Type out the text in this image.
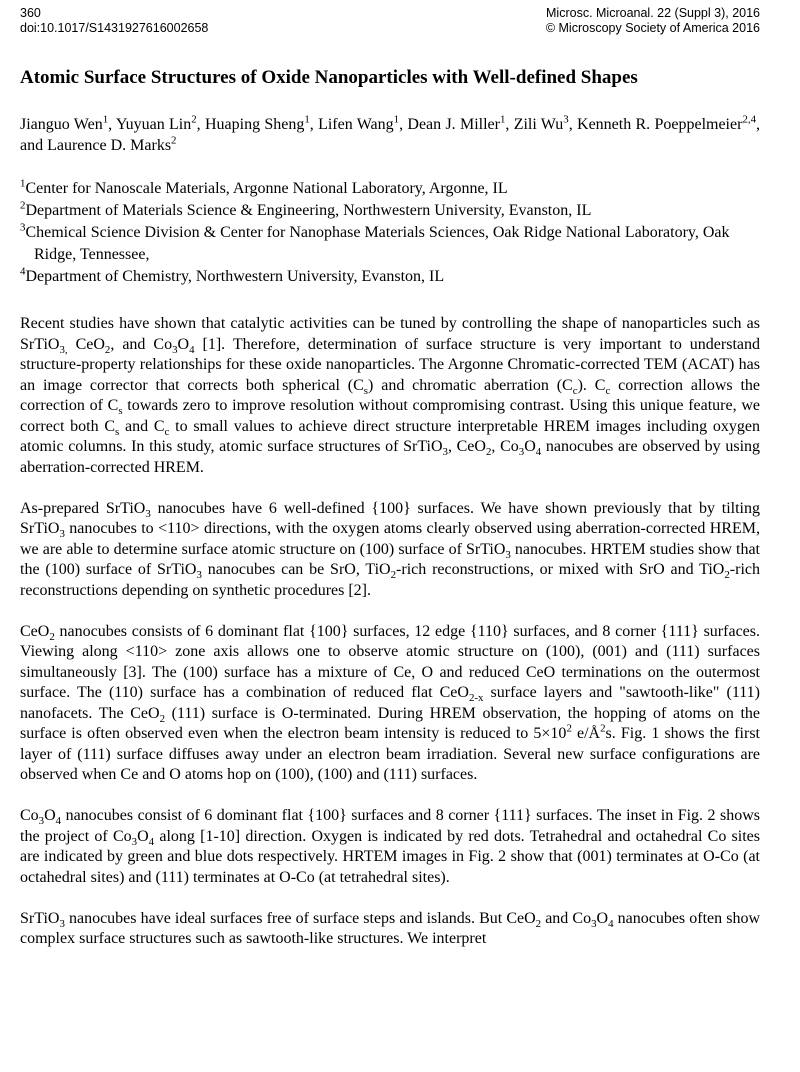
360
doi:10.1017/S1431927616002658
Microsc. Microanal. 22 (Suppl 3), 2016
© Microscopy Society of America 2016
Atomic Surface Structures of Oxide Nanoparticles with Well-defined Shapes
Jianguo Wen$^1$, Yuyuan Lin$^2$, Huaping Sheng$^1$, Lifen Wang$^1$, Dean J. Miller$^1$, Zili Wu$^3$, Kenneth R. Poeppelmeier$^{2,4}$, and Laurence D. Marks$^2$
$^1$Center for Nanoscale Materials, Argonne National Laboratory, Argonne, IL
$^2$Department of Materials Science & Engineering, Northwestern University, Evanston, IL
$^3$Chemical Science Division & Center for Nanophase Materials Sciences, Oak Ridge National Laboratory, Oak Ridge, Tennessee,
$^4$Department of Chemistry, Northwestern University, Evanston, IL

Recent studies have shown that catalytic activities can be tuned by controlling the shape of nanoparticles such as SrTiO$_{3,}$ CeO$_2$, and $Co_3O_4$ [1]. Therefore, determination of surface structure is very important to understand structure-property relationships for these oxide nanoparticles. The Argonne Chromatic-corrected TEM (ACAT) has an image corrector that corrects both spherical $(C_s)$ and chromatic aberration $(C_c)$. $C_c$ correction allows the correction of $C_s$ towards zero to improve resolution without compromising contrast. Using this unique feature, we correct both $C_s$ and $C_c$ to small values to achieve direct structure interpretable HREM images including oxygen atomic columns. In this study, atomic surface structures of SrTiO$_3$, CeO$_2$, $Co_3O_4$ nanocubes are observed by using aberration-corrected HREM.

As-prepared SrTiO$_3$ nanocubes have 6 well-defined {100} surfaces. We have shown previously that by tilting SrTiO$_3$ nanocubes to <110> directions, with the oxygen atoms clearly observed using aberration-corrected HREM, we are able to determine surface atomic structure on (100) surface of SrTiO$_3$ nanocubes. HRTEM studies show that the (100) surface of SrTiO$_3$ nanocubes can be SrO, TiO$_2$-rich reconstructions, or mixed with SrO and TiO$_2$-rich reconstructions depending on synthetic procedures [2].

CeO$_2$ nanocubes consists of 6 dominant flat {100} surfaces, 12 edge {110} surfaces, and 8 corner {111} surfaces. Viewing along <110> zone axis allows one to observe atomic structure on (100), (001) and (111) surfaces simultaneously [3]. The (100) surface has a mixture of Ce, O and reduced CeO terminations on the outermost surface. The (110) surface has a combination of reduced flat CeO$_{2-x}$ surface layers and "sawtooth-like" (111) nanofacets. The CeO$_2$ (111) surface is O-terminated. During HREM observation, the hopping of atoms on the surface is often observed even when the electron beam intensity is reduced to $5\times 10^2$ $e/Å^2s$. Fig. 1 shows the first layer of (111) surface diffuses away under an electron beam irradiation. Several new surface configurations are observed when Ce and O atoms hop on (100), (100) and (111) surfaces.

$Co_3O_4$ nanocubes consist of 6 dominant flat {100} surfaces and 8 corner {111} surfaces. The inset in Fig. 2 shows the project of $Co_3O_4$ along [1-10] direction. Oxygen is indicated by red dots. Tetrahedral and octahedral Co sites are indicated by green and blue dots respectively. HRTEM images in Fig. 2 show that (001) terminates at O-Co (at octahedral sites) and (111) terminates at O-Co (at tetrahedral sites).

SrTiO$_3$ nanocubes have ideal surfaces free of surface steps and islands. But CeO$_2$ and $Co_3O_4$ nanocubes often show complex surface structures such as sawtooth-like structures. We interpret
